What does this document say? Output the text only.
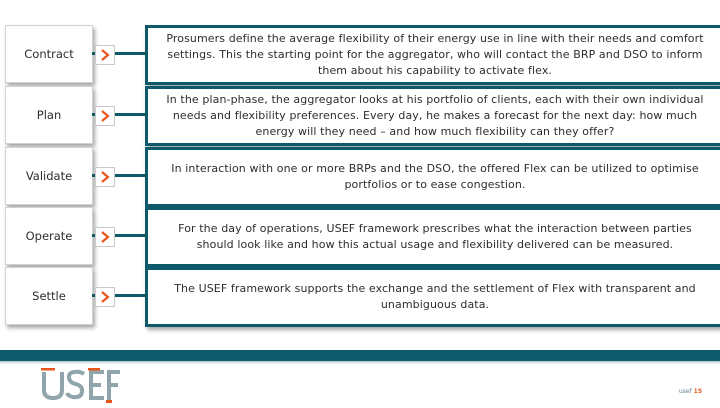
Contract
Prosumers define the average flexibility of their energy use in line with their needs and comfort settings. This the starting point for the aggregator, who will contact the BRP and DSO to inform them about his capability to activate flex.
Plan
In the plan-phase, the aggregator looks at his portfolio of clients, each with their own individual needs and flexibility preferences. Every day, he makes a forecast for the next day: how much energy will they need – and how much flexibility can they offer?
Validate
In interaction with one or more BRPs and the DSO, the offered Flex can be utilized to optimise portfolios or to ease congestion.
Operate
For the day of operations, USEF framework prescribes what the interaction between parties should look like and how this actual usage and flexibility delivered can be measured.
Settle
The USEF framework supports the exchange and the settlement of Flex with transparent and unambiguous data.
usef 15
